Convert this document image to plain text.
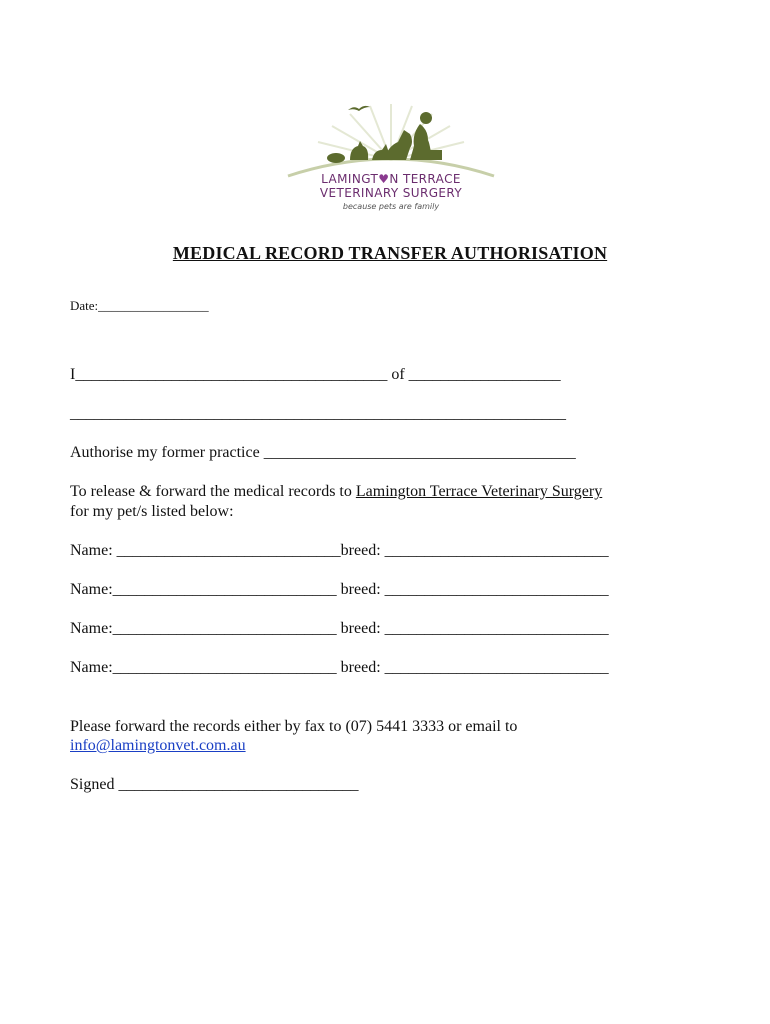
LAMINGT♥N TERRACE
VETERINARY SURGERY
because pets are family
MEDICAL RECORD TRANSFER AUTHORISATION
Date:_________________
I_______________________________________ of ___________________
______________________________________________________________
Authorise my former practice _______________________________________
To release & forward the medical records to Lamington Terrace Veterinary Surgery
for my pet/s listed below:
Name: ____________________________breed: ____________________________
Name:____________________________ breed: ____________________________
Name:____________________________ breed: ____________________________
Name:____________________________ breed: ____________________________
Please forward the records either by fax to (07) 5441 3333 or email to
info@lamingtonvet.com.au
Signed ______________________________
